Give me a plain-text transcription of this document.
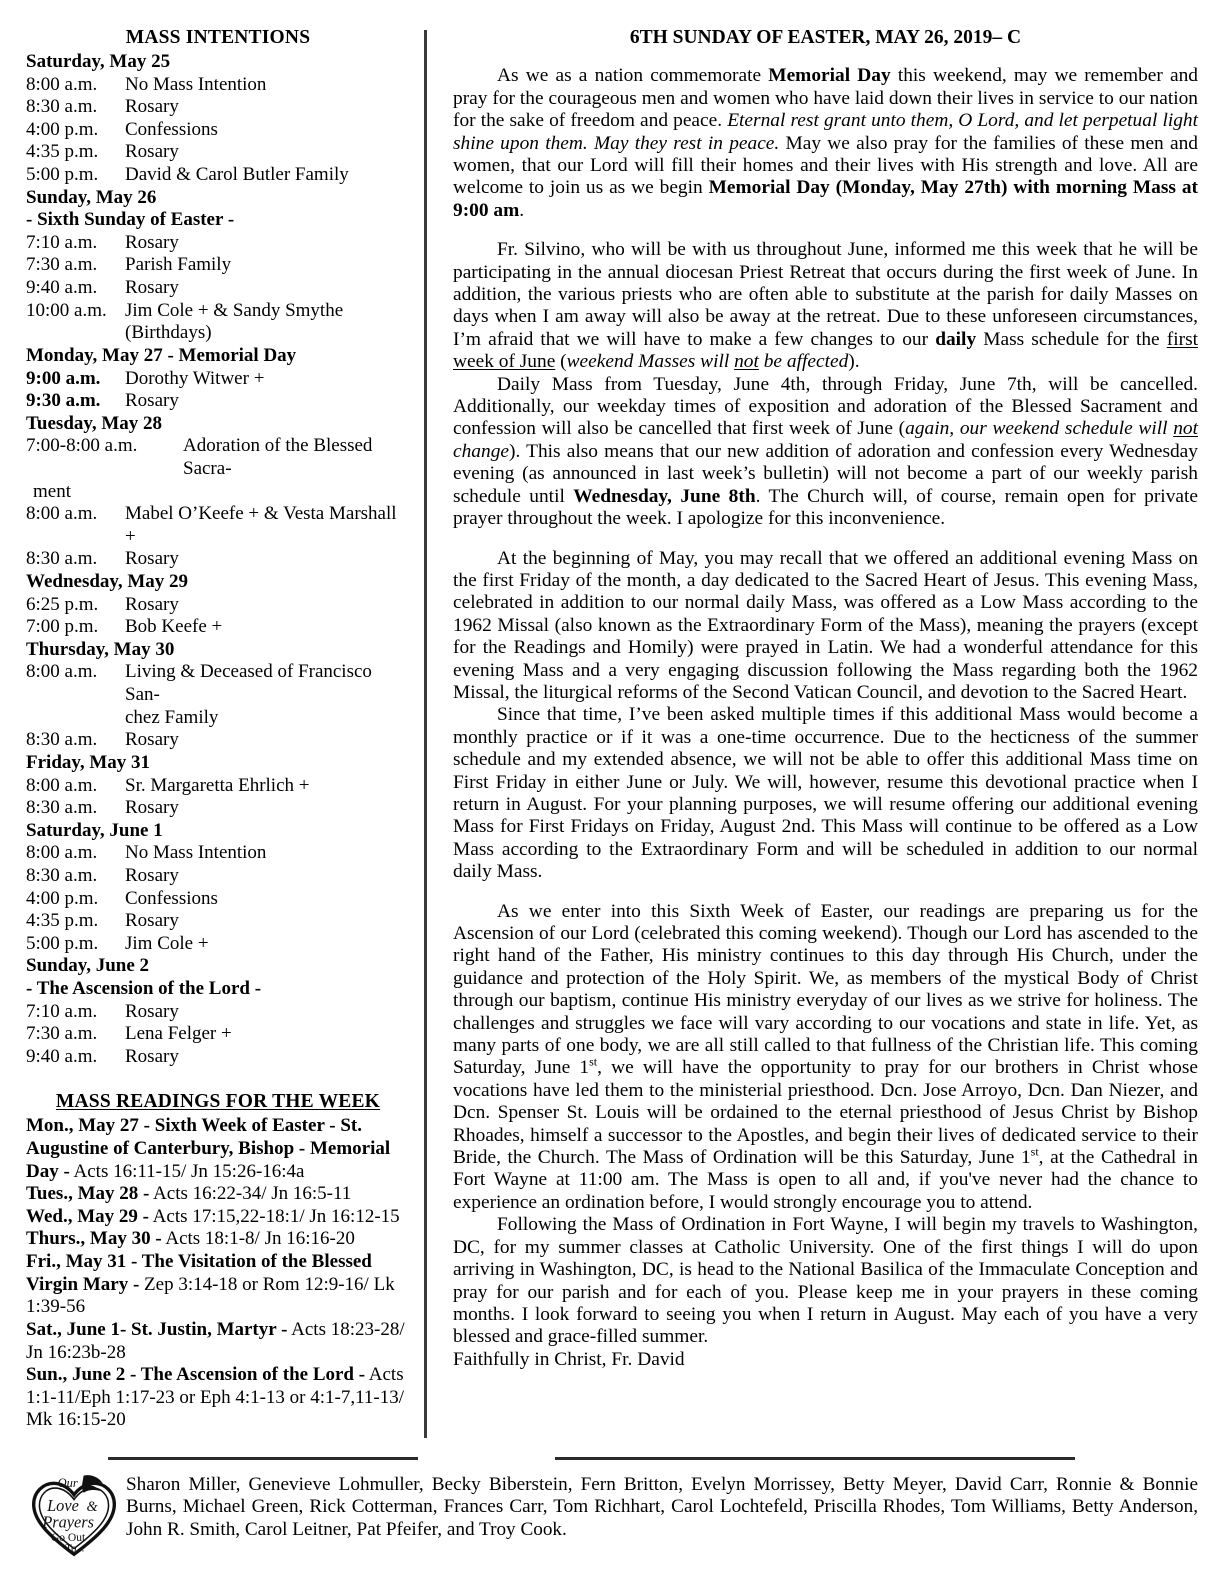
MASS INTENTIONS
Saturday, May 25
8:00 a.m.	No Mass Intention
8:30 a.m.	Rosary
4:00 p.m.	Confessions
4:35 p.m.	Rosary
5:00 p.m.	David & Carol Butler Family
Sunday, May 26
- Sixth Sunday of Easter -
7:10 a.m.	Rosary
7:30 a.m.	Parish Family
9:40 a.m.	Rosary
10:00 a.m. Jim Cole + & Sandy Smythe
(Birthdays)
Monday, May 27 - Memorial Day
9:00 a.m.	Dorothy Witwer +
9:30 a.m.	Rosary
Tuesday, May 28
7:00-8:00 a.m.	Adoration of the Blessed Sacra-
ment
8:00 a.m.	Mabel O’Keefe + & Vesta Marshall +
8:30 a.m.	Rosary
Wednesday, May 29
6:25 p.m.	Rosary
7:00 p.m.	Bob Keefe +
Thursday, May 30
8:00 a.m.	Living & Deceased of Francisco San-
chez Family
8:30 a.m.	Rosary
Friday, May 31
8:00 a.m.	Sr. Margaretta Ehrlich +
8:30 a.m.	Rosary
Saturday, June 1
8:00 a.m.	No Mass Intention
8:30 a.m.	Rosary
4:00 p.m.	Confessions
4:35 p.m.	Rosary
5:00 p.m.	Jim Cole +
Sunday, June 2
- The Ascension of the Lord -
7:10 a.m.	Rosary
7:30 a.m.	Lena Felger +
9:40 a.m.	Rosary
MASS READINGS FOR THE WEEK
Mon., May 27 - Sixth Week of Easter - St. Augustine of Canterbury, Bishop - Memorial Day - Acts 16:11-15/ Jn 15:26-16:4a
Tues., May 28 - Acts 16:22-34/ Jn 16:5-11
Wed., May 29 - Acts 17:15,22-18:1/ Jn 16:12-15
Thurs., May 30 - Acts 18:1-8/ Jn 16:16-20
Fri., May 31 - The Visitation of the Blessed Virgin Mary - Zep 3:14-18 or Rom 12:9-16/ Lk 1:39-56
Sat., June 1- St. Justin, Martyr - Acts 18:23-28/ Jn 16:23b-28
Sun., June 2 - The Ascension of the Lord - Acts 1:1-11/Eph 1:17-23 or Eph 4:1-13 or 4:1-7,11-13/ Mk 16:15-20
6TH SUNDAY OF EASTER, MAY 26, 2019– C

As we as a nation commemorate Memorial Day this weekend, may we remember and pray for the courageous men and women who have laid down their lives in service to our nation for the sake of freedom and peace. Eternal rest grant unto them, O Lord, and let perpetual light shine upon them. May they rest in peace. May we also pray for the families of these men and women, that our Lord will fill their homes and their lives with His strength and love. All are welcome to join us as we begin Memorial Day (Monday, May 27th) with morning Mass at 9:00 am.

Fr. Silvino, who will be with us throughout June, informed me this week that he will be participating in the annual diocesan Priest Retreat that occurs during the first week of June. In addition, the various priests who are often able to substitute at the parish for daily Masses on days when I am away will also be away at the retreat. Due to these unforeseen circumstances, I’m afraid that we will have to make a few changes to our daily Mass schedule for the first week of June (weekend Masses will not be affected).

Daily Mass from Tuesday, June 4th, through Friday, June 7th, will be cancelled. Additionally, our weekday times of exposition and adoration of the Blessed Sacrament and confession will also be cancelled that first week of June (again, our weekend schedule will not change). This also means that our new addition of adoration and confession every Wednesday evening (as announced in last week’s bulletin) will not become a part of our weekly parish schedule until Wednesday, June 8th. The Church will, of course, remain open for private prayer throughout the week. I apologize for this inconvenience.

At the beginning of May, you may recall that we offered an additional evening Mass on the first Friday of the month, a day dedicated to the Sacred Heart of Jesus. This evening Mass, celebrated in addition to our normal daily Mass, was offered as a Low Mass according to the 1962 Missal (also known as the Extraordinary Form of the Mass), meaning the prayers (except for the Readings and Homily) were prayed in Latin. We had a wonderful attendance for this evening Mass and a very engaging discussion following the Mass regarding both the 1962 Missal, the liturgical reforms of the Second Vatican Council, and devotion to the Sacred Heart.

Since that time, I’ve been asked multiple times if this additional Mass would become a monthly practice or if it was a one-time occurrence. Due to the hecticness of the summer schedule and my extended absence, we will not be able to offer this additional Mass time on First Friday in either June or July. We will, however, resume this devotional practice when I return in August. For your planning purposes, we will resume offering our additional evening Mass for First Fridays on Friday, August 2nd. This Mass will continue to be offered as a Low Mass according to the Extraordinary Form and will be scheduled in addition to our normal daily Mass.

As we enter into this Sixth Week of Easter, our readings are preparing us for the Ascension of our Lord (celebrated this coming weekend). Though our Lord has ascended to the right hand of the Father, His ministry continues to this day through His Church, under the guidance and protection of the Holy Spirit. We, as members of the mystical Body of Christ through our baptism, continue His ministry everyday of our lives as we strive for holiness. The challenges and struggles we face will vary according to our vocations and state in life. Yet, as many parts of one body, we are all still called to that fullness of the Christian life. This coming Saturday, June 1st, we will have the opportunity to pray for our brothers in Christ whose vocations have led them to the ministerial priesthood. Dcn. Jose Arroyo, Dcn. Dan Niezer, and Dcn. Spenser St. Louis will be ordained to the eternal priesthood of Jesus Christ by Bishop Rhoades, himself a successor to the Apostles, and begin their lives of dedicated service to their Bride, the Church. The Mass of Ordination will be this Saturday, June 1st, at the Cathedral in Fort Wayne at 11:00 am. The Mass is open to all and, if you've never had the chance to experience an ordination before, I would strongly encourage you to attend.

Following the Mass of Ordination in Fort Wayne, I will begin my travels to Washington, DC, for my summer classes at Catholic University. One of the first things I will do upon arriving in Washington, DC, is head to the National Basilica of the Immaculate Conception and pray for our parish and for each of you. Please keep me in your prayers in these coming months. I look forward to seeing you when I return in August. May each of you have a very blessed and grace-filled summer.

Faithfully in Christ, Fr. David

Our
Love &
Prayers
Go Out
To...
Sharon Miller, Genevieve Lohmuller, Becky Biberstein, Fern Britton, Evelyn Morrissey, Betty Meyer, David Carr, Ronnie & Bonnie Burns, Michael Green, Rick Cotterman, Frances Carr, Tom Richhart, Carol Lochtefeld, Priscilla Rhodes, Tom Williams, Betty Anderson, John R. Smith, Carol Leitner, Pat Pfeifer, and Troy Cook.
